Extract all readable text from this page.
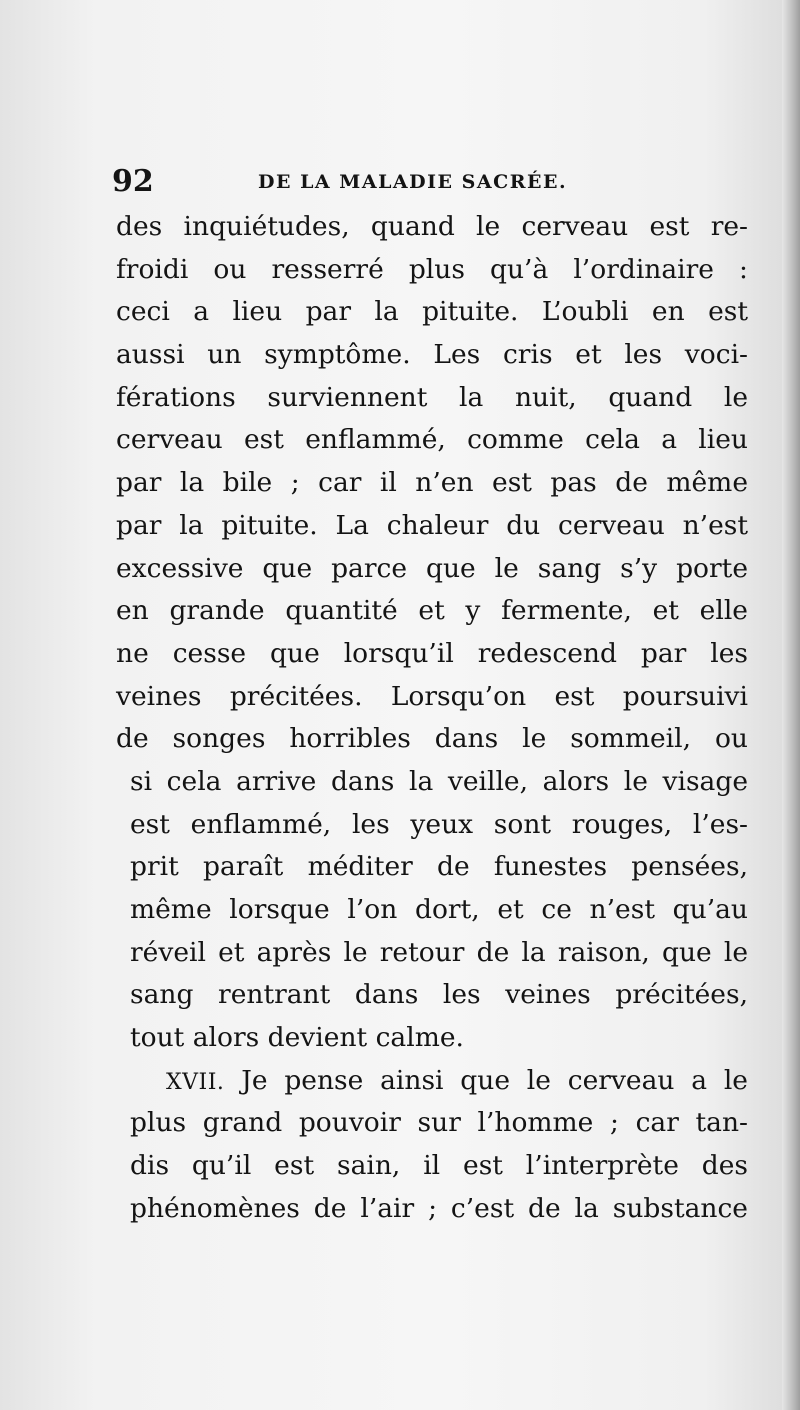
92	DE LA MALADIE SACRÉE.
des inquiétudes, quand le cerveau est re-
froidi ou resserré plus qu’à l’ordinaire :
ceci a lieu par la pituite. L’oubli en est
aussi un symptôme. Les cris et les voci-
férations surviennent la nuit, quand le
cerveau est enflammé, comme cela a lieu
par la bile ; car il n’en est pas de même
par la pituite. La chaleur du cerveau n’est
excessive que parce que le sang s’y porte
en grande quantité et y fermente, et elle
ne cesse que lorsqu’il redescend par les
veines précitées. Lorsqu’on est poursuivi
de songes horribles dans le sommeil, ou
si cela arrive dans la veille, alors le visage
est enflammé, les yeux sont rouges, l’es-
prit paraît méditer de funestes pensées,
même lorsque l’on dort, et ce n’est qu’au
réveil et après le retour de la raison, que le
sang rentrant dans les veines précitées,
tout alors devient calme.
XVII. Je pense ainsi que le cerveau a le
plus grand pouvoir sur l’homme ; car tan-
dis qu’il est sain, il est l’interprète des
phénomènes de l’air ; c’est de la substance
